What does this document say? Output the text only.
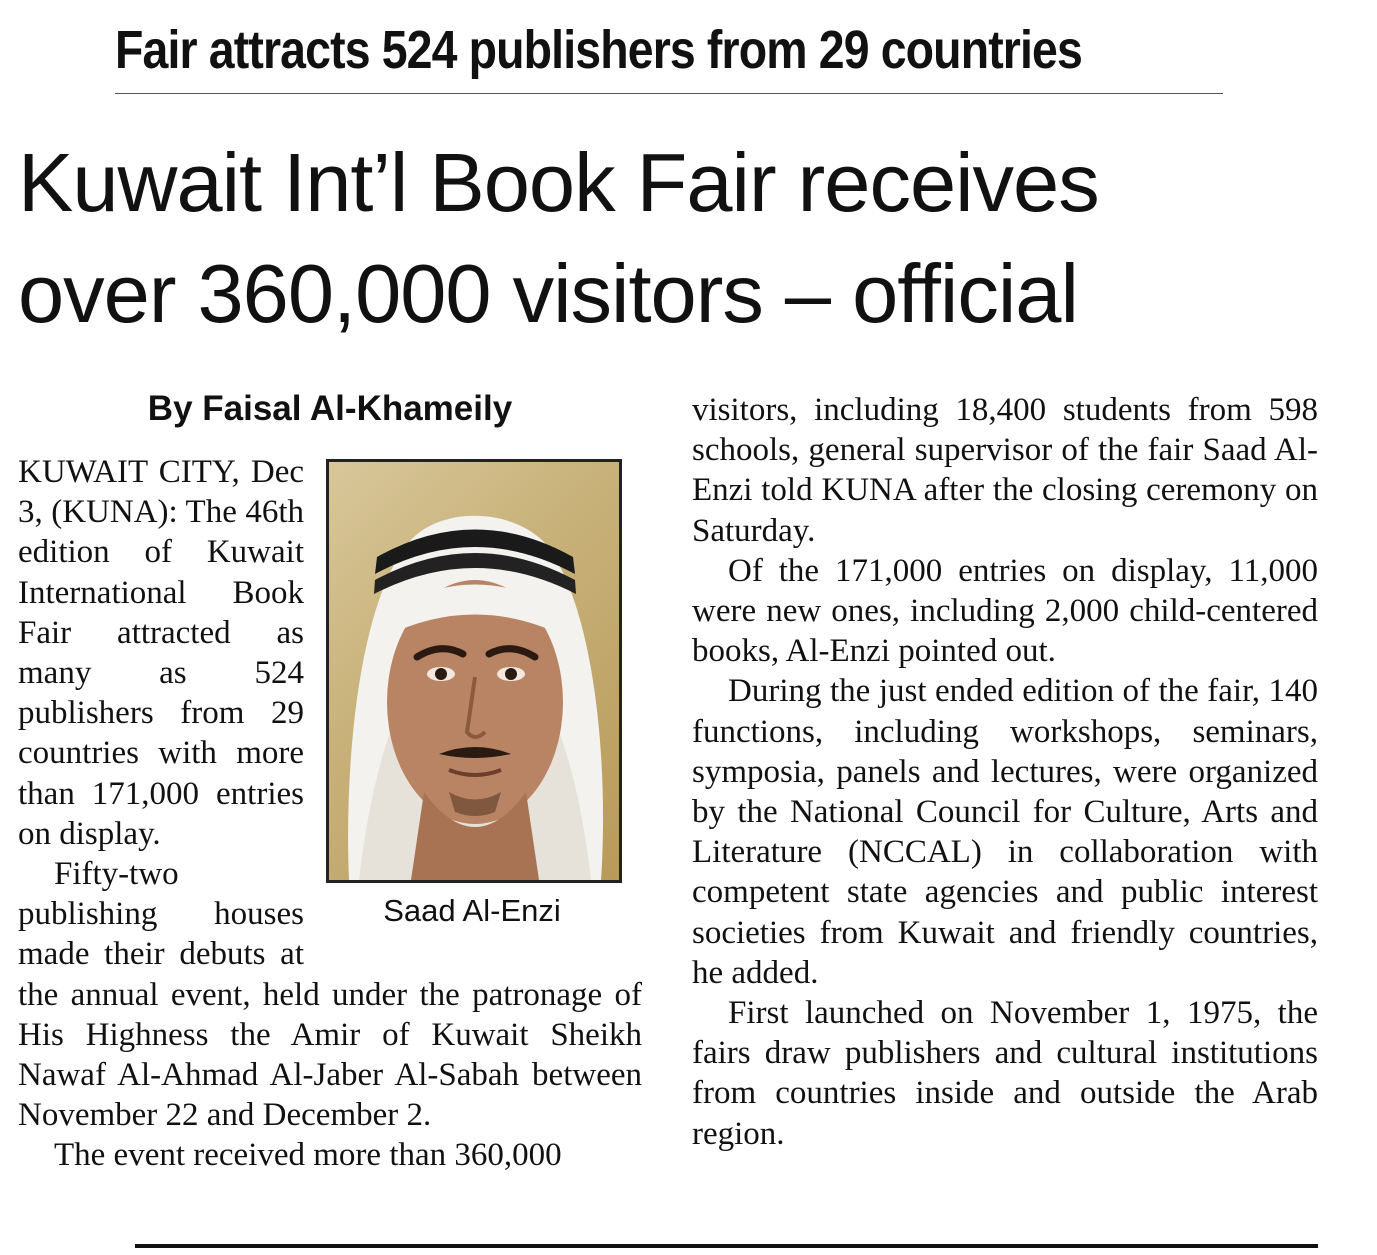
Fair attracts 524 publishers from 29 countries
Kuwait Int’l Book Fair receives
over 360,000 visitors – official
By Faisal Al-Khameily
Saad Al-Enzi

KUWAIT CITY, Dec 3, (KUNA): The 46th edition of Kuwait International Book Fair attracted as many as 524 publishers from 29 countries with more than 171,000 entries on display.

Fifty-two publishing houses made their debuts at the annual event, held under the patronage of His Highness the Amir of Kuwait Sheikh Nawaf Al-Ahmad Al-Jaber Al-Sabah between November 22 and December 2.

The event received more than 360,000

visitors, including 18,400 students from 598 schools, general supervisor of the fair Saad Al-Enzi told KUNA after the closing ceremony on Saturday.

Of the 171,000 entries on display, 11,000 were new ones, including 2,000 child-centered books, Al-Enzi pointed out.

During the just ended edition of the fair, 140 functions, including workshops, seminars, symposia, panels and lectures, were organized by the National Council for Culture, Arts and Literature (NCCAL) in collaboration with competent state agencies and public interest societies from Kuwait and friendly countries, he added.

First launched on November 1, 1975, the fairs draw publishers and cultural institutions from countries inside and outside the Arab region.
